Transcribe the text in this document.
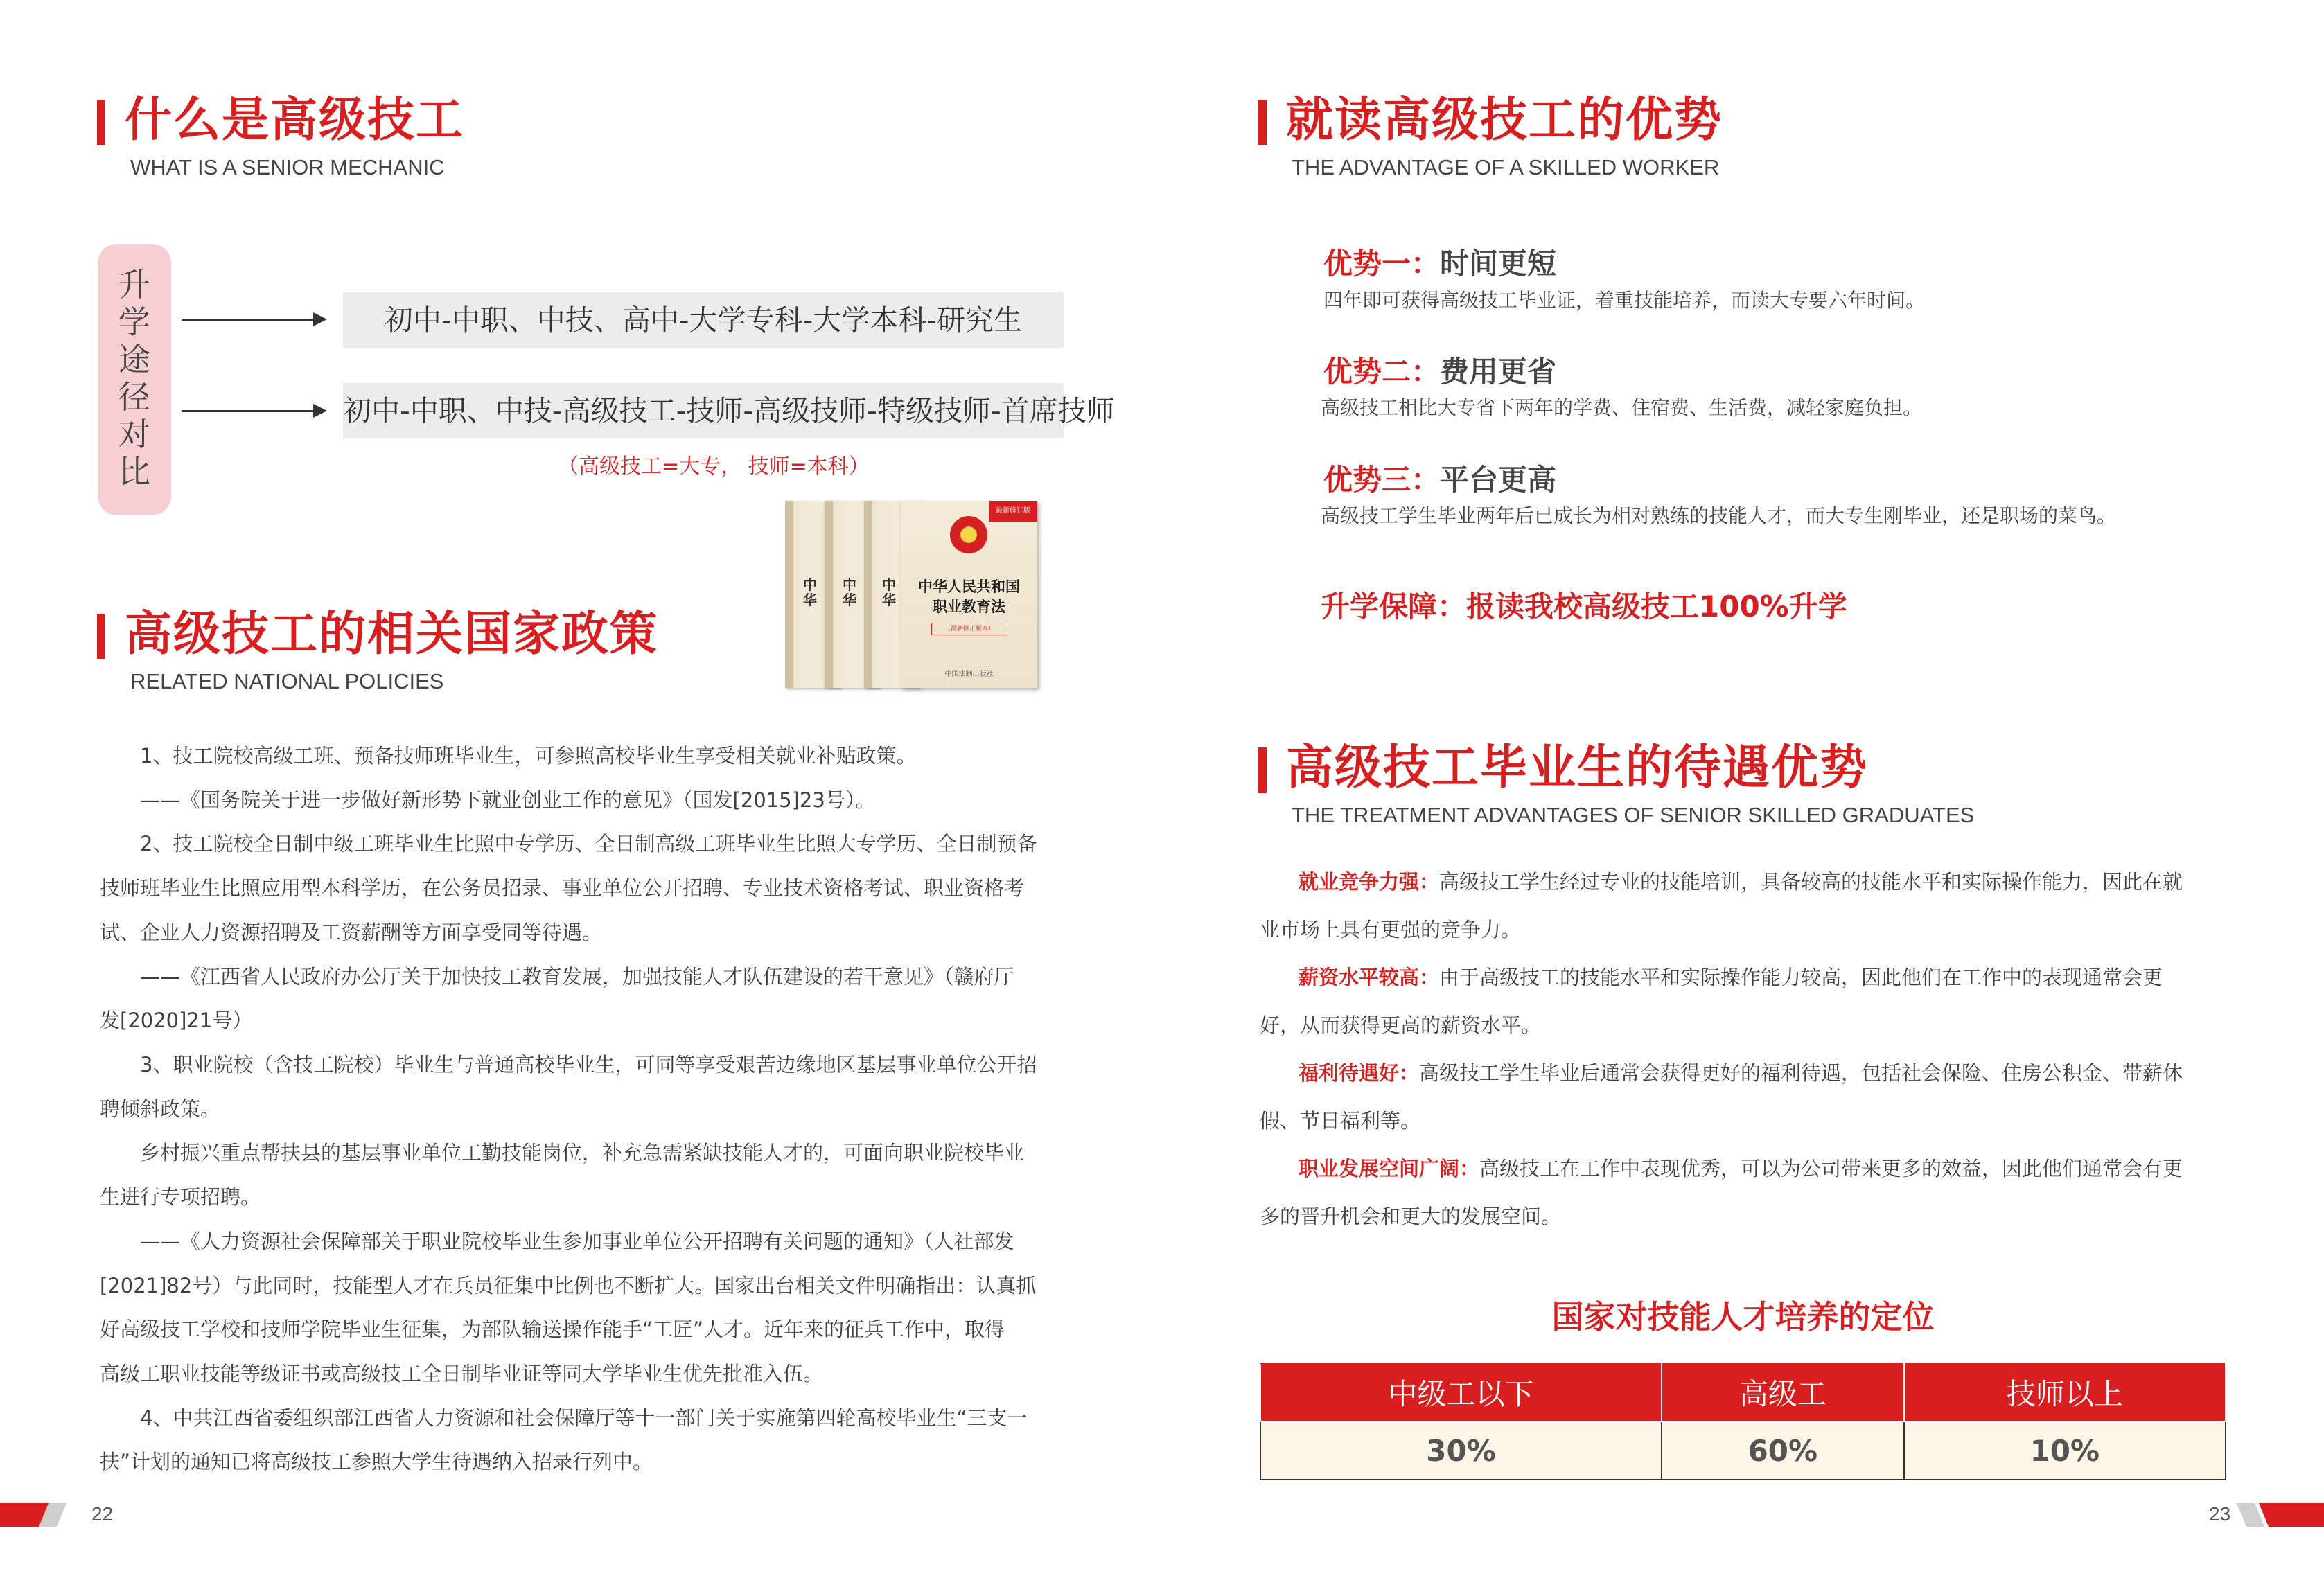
什么是高级技工
WHAT IS A SENIOR MECHANIC
升
学
途
径
对
比
初中-中职、中技、高中-大学专科-大学本科-研究生
初中-中职、中技-高级技工-技师-高级技师-特级技师-首席技师
（高级技工=大专， 技师=本科）
中华
中华
中华
最新修订版
中华人民共和国
职业教育法
（最新修正版本）
中国法制出版社
高级技工的相关国家政策
RELATED NATIONAL POLICIES
1、技工院校高级工班、预备技师班毕业生，可参照高校毕业生享受相关就业补贴政策。
——《国务院关于进一步做好新形势下就业创业工作的意见》（国发[2015]23号）。
2、技工院校全日制中级工班毕业生比照中专学历、全日制高级工班毕业生比照大专学历、全日制预备
技师班毕业生比照应用型本科学历，在公务员招录、事业单位公开招聘、专业技术资格考试、职业资格考
试、企业人力资源招聘及工资薪酬等方面享受同等待遇。
——《江西省人民政府办公厅关于加快技工教育发展，加强技能人才队伍建设的若干意见》（赣府厅
发[2020]21号）
3、职业院校（含技工院校）毕业生与普通高校毕业生，可同等享受艰苦边缘地区基层事业单位公开招
聘倾斜政策。
乡村振兴重点帮扶县的基层事业单位工勤技能岗位，补充急需紧缺技能人才的，可面向职业院校毕业
生进行专项招聘。
——《人力资源社会保障部关于职业院校毕业生参加事业单位公开招聘有关问题的通知》（人社部发
[2021]82号）与此同时，技能型人才在兵员征集中比例也不断扩大。国家出台相关文件明确指出：认真抓
好高级技工学校和技师学院毕业生征集，为部队输送操作能手“工匠”人才。近年来的征兵工作中，取得
高级工职业技能等级证书或高级技工全日制毕业证等同大学毕业生优先批准入伍。
4、中共江西省委组织部江西省人力资源和社会保障厅等十一部门关于实施第四轮高校毕业生“三支一
扶”计划的通知已将高级技工参照大学生待遇纳入招录行列中。
22
就读高级技工的优势
THE ADVANTAGE OF A SKILLED WORKER
优势一：时间更短
四年即可获得高级技工毕业证，着重技能培养，而读大专要六年时间。
优势二：费用更省
高级技工相比大专省下两年的学费、住宿费、生活费，减轻家庭负担。
优势三：平台更高
高级技工学生毕业两年后已成长为相对熟练的技能人才，而大专生刚毕业，还是职场的菜鸟。
升学保障：报读我校高级技工100%升学
高级技工毕业生的待遇优势
THE TREATMENT ADVANTAGES OF SENIOR SKILLED GRADUATES
就业竞争力强：高级技工学生经过专业的技能培训，具备较高的技能水平和实际操作能力，因此在就
业市场上具有更强的竞争力。
薪资水平较高：由于高级技工的技能水平和实际操作能力较高，因此他们在工作中的表现通常会更
好，从而获得更高的薪资水平。
福利待遇好：高级技工学生毕业后通常会获得更好的福利待遇，包括社会保险、住房公积金、带薪休
假、节日福利等。
职业发展空间广阔：高级技工在工作中表现优秀，可以为公司带来更多的效益，因此他们通常会有更
多的晋升机会和更大的发展空间。
国家对技能人才培养的定位
中级工以下	高级工	技师以上
30%	60%	10%
23
